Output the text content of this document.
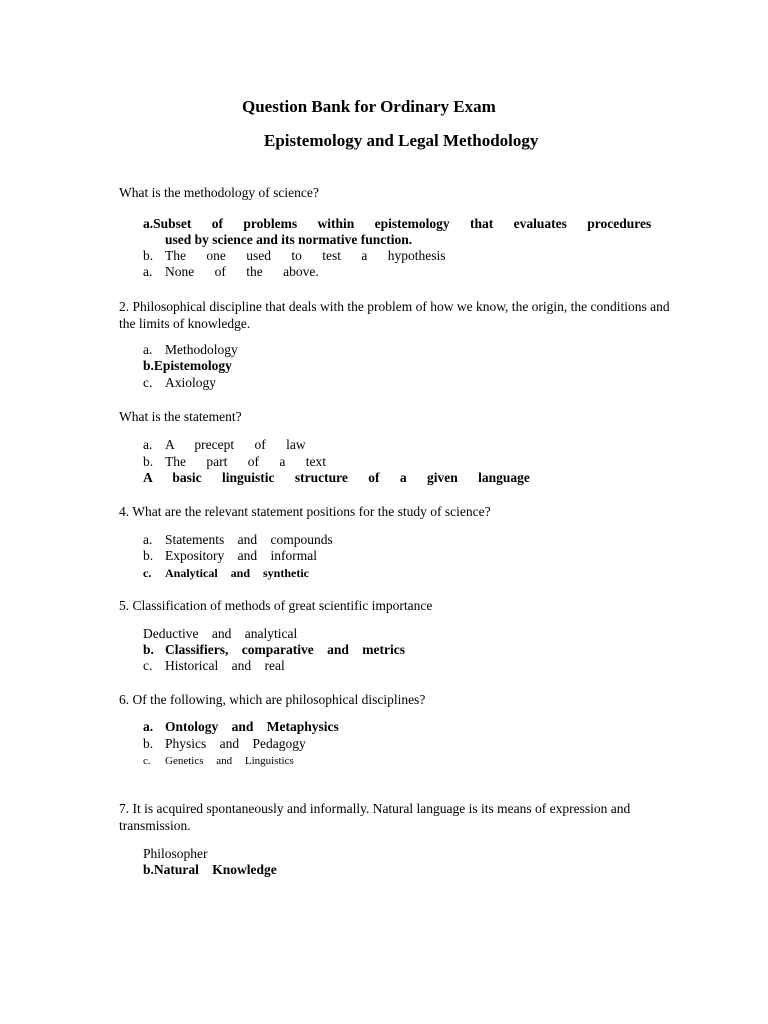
Question Bank for Ordinary Exam
Epistemology and Legal Methodology
What is the methodology of science?
a.Subset of problems within epistemology that evaluates procedures
used by science and its normative function.
b. The one used to test a hypothesis
a. None of the above.
2. Philosophical discipline that deals with the problem of how we know, the origin, the conditions and the limits of knowledge.
a. Methodology
b.Epistemology
c. Axiology
What is the statement?
a. A precept of law
b. The part of a text
A basic linguistic structure of a given language
4. What are the relevant statement positions for the study of science?
a. Statements and compounds
b. Expository and informal
c. Analytical and synthetic
5. Classification of methods of great scientific importance
Deductive and analytical
b. Classifiers, comparative and metrics
c. Historical and real
6. Of the following, which are philosophical disciplines?
a. Ontology and Metaphysics
b. Physics and Pedagogy
c. Genetics and Linguistics
7. It is acquired spontaneously and informally. Natural language is its means of expression and transmission.
Philosopher
b.Natural Knowledge
